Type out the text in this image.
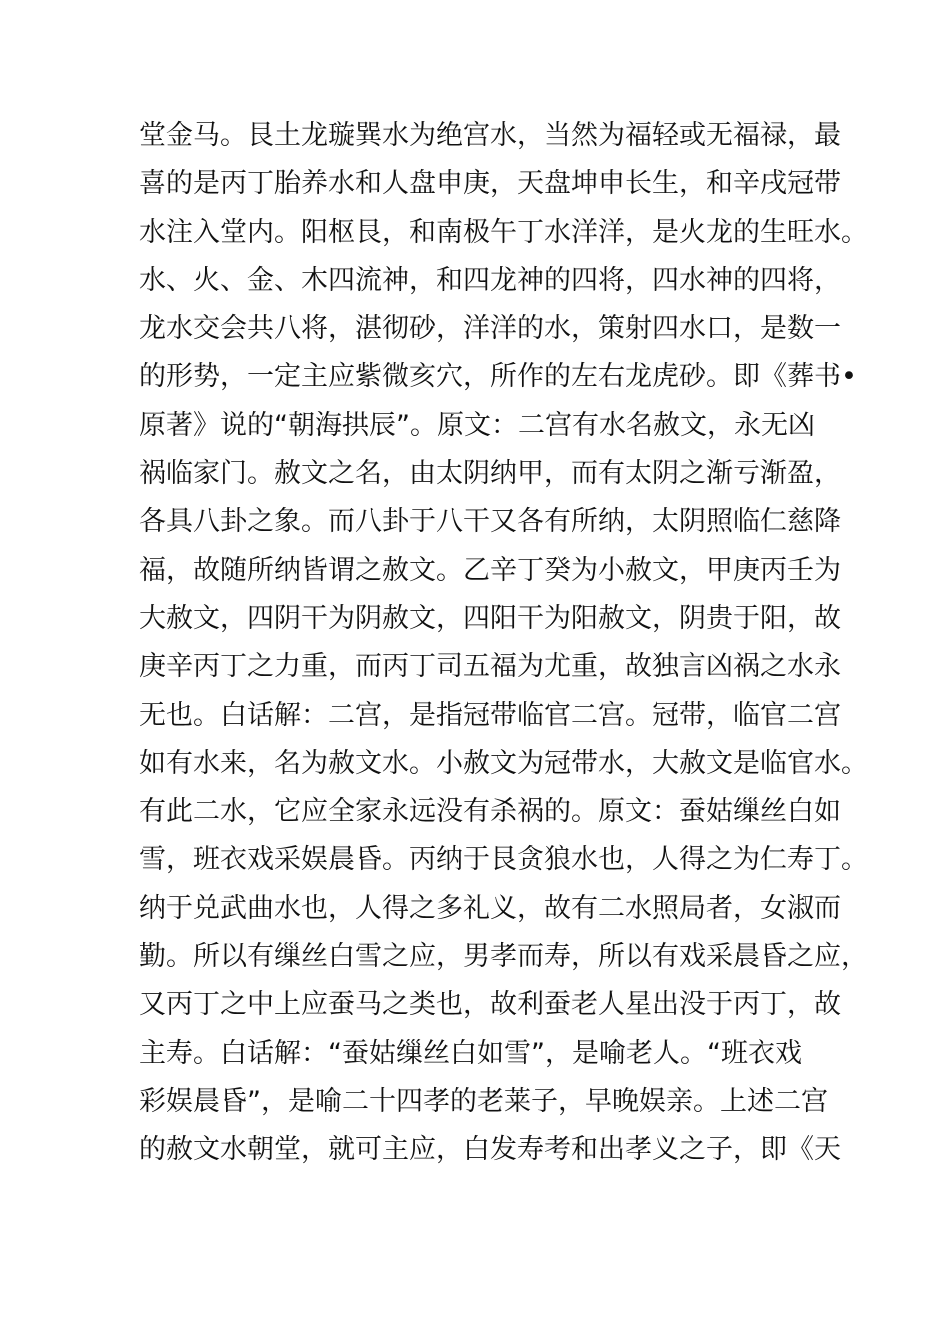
堂金马。艮土龙璇巽水为绝宫水，当然为福轻或无福禄，最
喜的是丙丁胎养水和人盘申庚，天盘坤申长生，和辛戌冠带
水注入堂内。阳枢艮，和南极午丁水洋洋，是火龙的生旺水。
水、火、金、木四流神，和四龙神的四将，四水神的四将，
龙水交会共八将，湛彻砂，洋洋的水，策射四水口，是数一
的形势，一定主应紫微亥穴，所作的左右龙虎砂。即《葬书•
原著》说的“朝海拱辰”。原文：二宫有水名赦文，永无凶
祸临家门。赦文之名，由太阴纳甲，而有太阴之渐亏渐盈，
各具八卦之象。而八卦于八干又各有所纳，太阴照临仁慈降
福，故随所纳皆谓之赦文。乙辛丁癸为小赦文，甲庚丙壬为
大赦文，四阴干为阴赦文，四阳干为阳赦文，阴贵于阳，故
庚辛丙丁之力重，而丙丁司五福为尤重，故独言凶祸之水永
无也。白话解：二宫，是指冠带临官二宫。冠带，临官二宫
如有水来，名为赦文水。小赦文为冠带水，大赦文是临官水。
有此二水，它应全家永远没有杀祸的。原文：蚕姑缫丝白如
雪，班衣戏采娱晨昏。丙纳于艮贪狼水也，人得之为仁寿丁。
纳于兑武曲水也，人得之多礼义，故有二水照局者，女淑而
勤。所以有缫丝白雪之应，男孝而寿，所以有戏采晨昏之应，
又丙丁之中上应蚕马之类也，故利蚕老人星出没于丙丁，故
主寿。白话解：“蚕姑缫丝白如雪”，是喻老人。“班衣戏
彩娱晨昏”，是喻二十四孝的老莱子，早晚娱亲。上述二宫
的赦文水朝堂，就可主应，白发寿考和出孝义之子，即《天
